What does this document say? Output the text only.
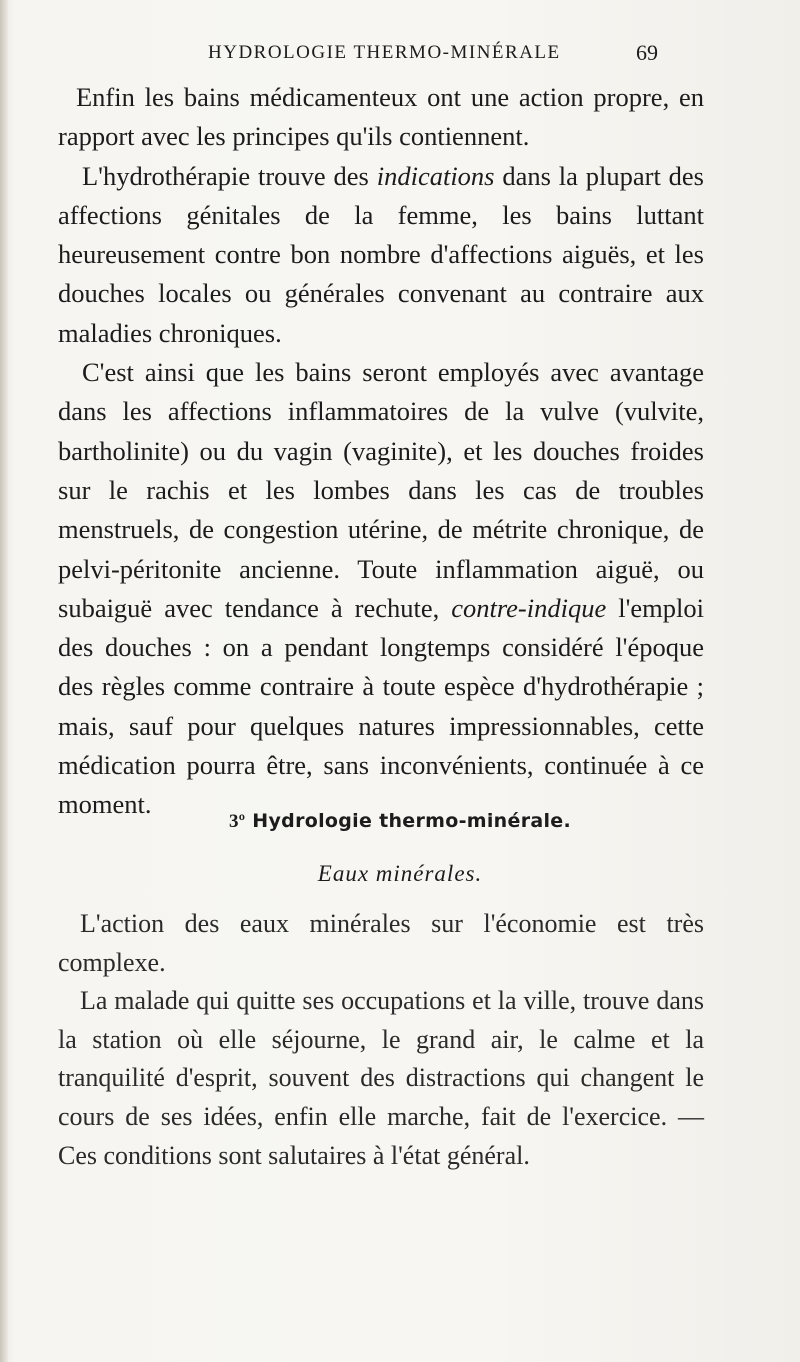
HYDROLOGIE THERMO-MINÉRALE	69

Enfin les bains médicamenteux ont une action propre, en rapport avec les principes qu'ils contiennent.

L'hydrothérapie trouve des indications dans la plupart des affections génitales de la femme, les bains luttant heureusement contre bon nombre d'affections aiguës, et les douches locales ou générales convenant au contraire aux maladies chroniques.

C'est ainsi que les bains seront employés avec avantage dans les affections inflammatoires de la vulve (vulvite, bartholinite) ou du vagin (vaginite), et les douches froides sur le rachis et les lombes dans les cas de troubles menstruels, de congestion utérine, de métrite chronique, de pelvi-péritonite ancienne. Toute inflammation aiguë, ou subaiguë avec tendance à rechute, contre-indique l'emploi des douches : on a pendant longtemps considéré l'époque des règles comme contraire à toute espèce d'hydrothérapie ; mais, sauf pour quelques natures impressionnables, cette médication pourra être, sans inconvénients, continuée à ce moment.

3º Hydrologie thermo-minérale.
Eaux minérales.

L'action des eaux minérales sur l'économie est très complexe.

La malade qui quitte ses occupations et la ville, trouve dans la station où elle séjourne, le grand air, le calme et la tranquilité d'esprit, souvent des distractions qui changent le cours de ses idées, enfin elle marche, fait de l'exercice. — Ces conditions sont salutaires à l'état général.
